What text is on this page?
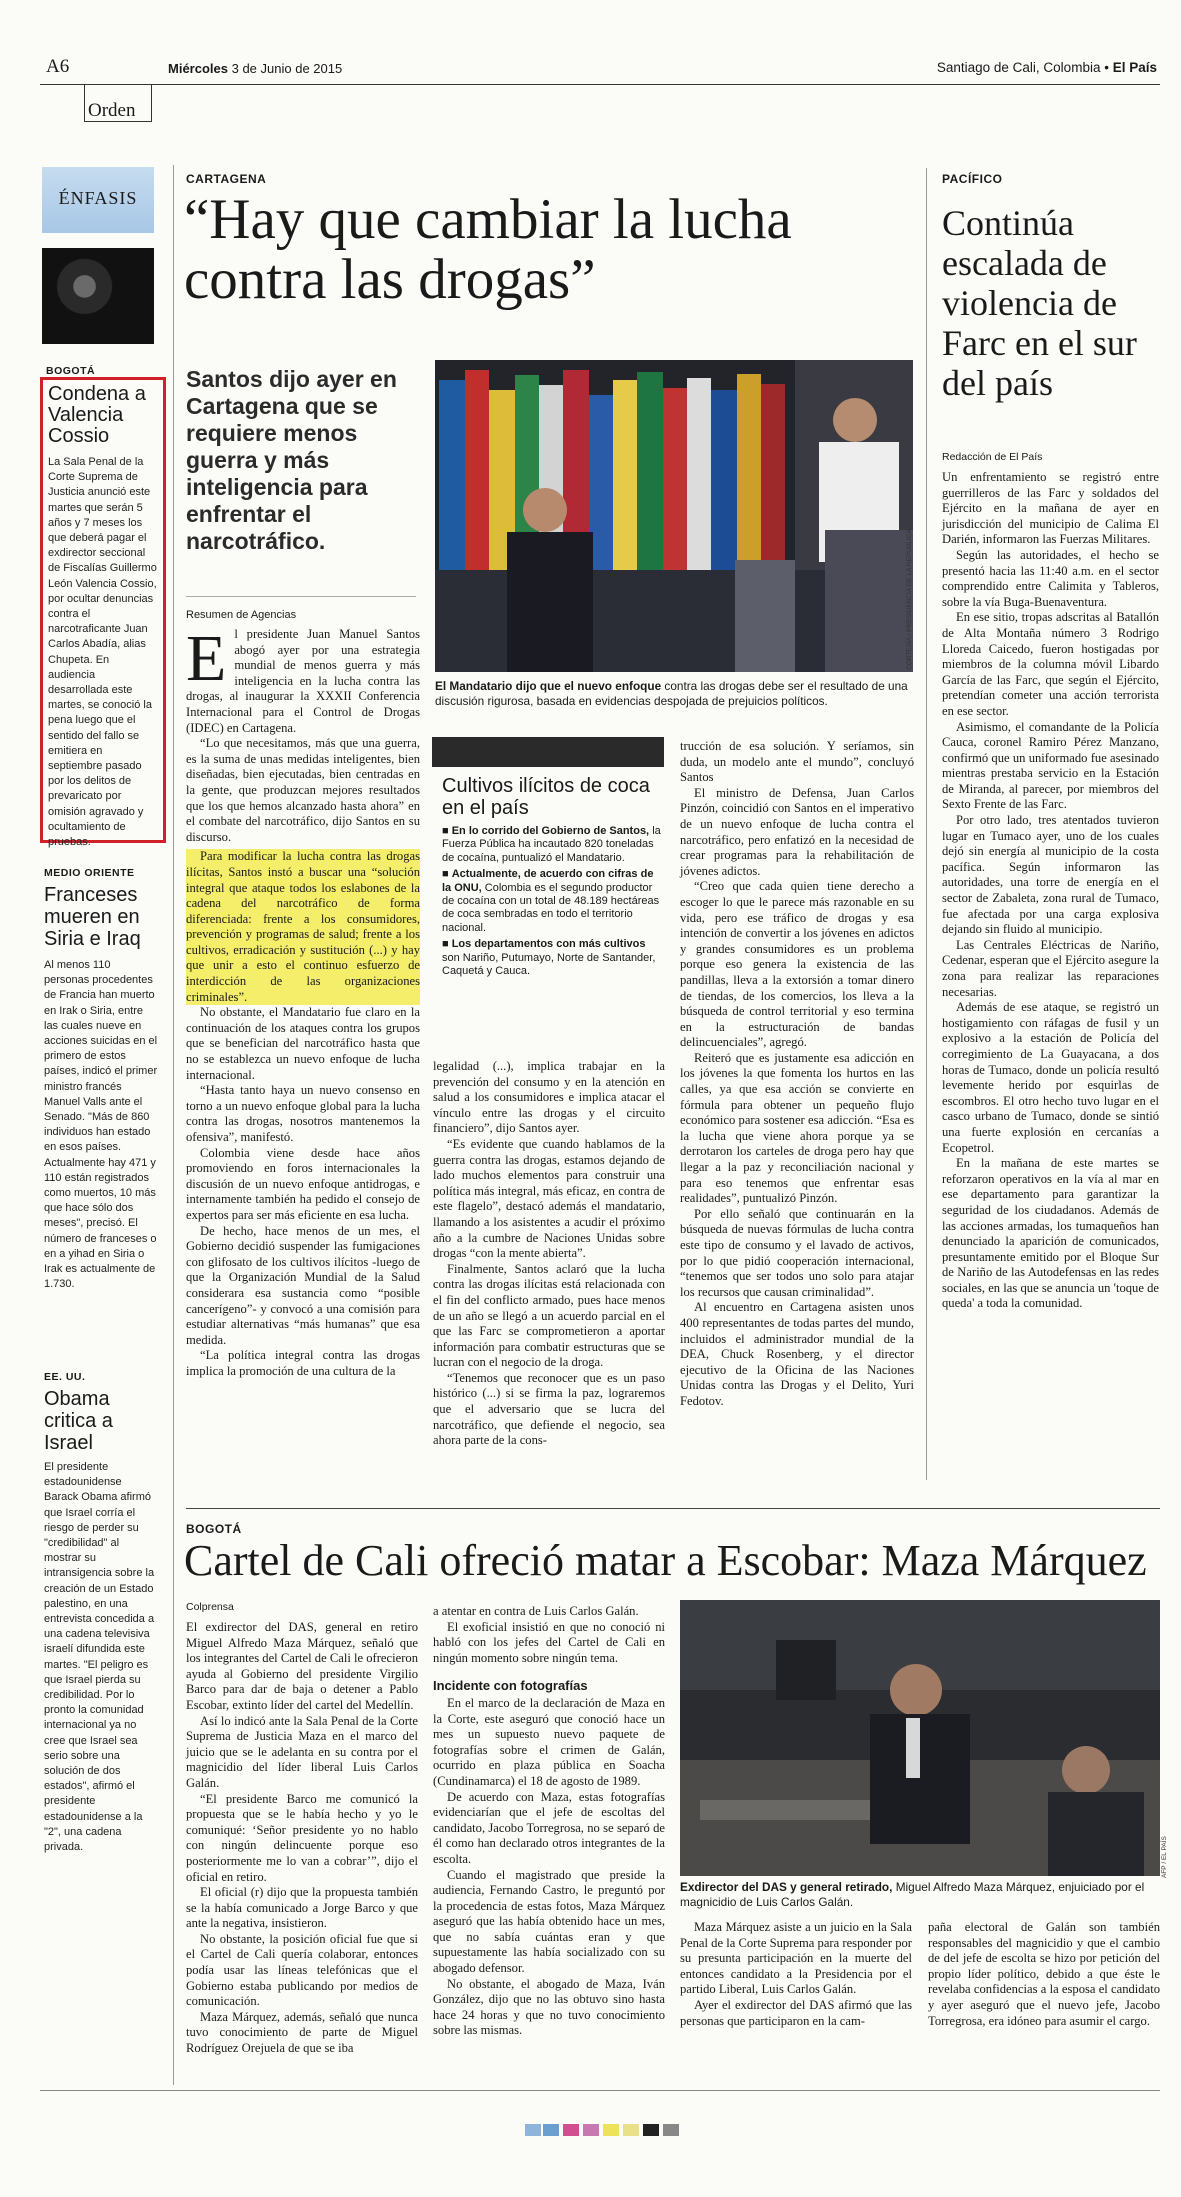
A6	Miércoles 3 de Junio de 2015	Santiago de Cali, Colombia • El País
Orden
ÉNFASIS
BOGOTÁ
Condena a Valencia Cossio
La Sala Penal de la Corte Suprema de Justicia anunció este martes que serán 5 años y 7 meses los que deberá pagar el exdirector seccional de Fiscalías Guillermo León Valencia Cossio, por ocultar denuncias contra el narcotraficante Juan Carlos Abadía, alias Chupeta. En audiencia desarrollada este martes, se conoció la pena luego que el sentido del fallo se emitiera en septiembre pasado por los delitos de prevaricato por omisión agravado y ocultamiento de pruebas.
MEDIO ORIENTE
Franceses mueren en Siria e Iraq
Al menos 110 personas procedentes de Francia han muerto en Irak o Siria, entre las cuales nueve en acciones suicidas en el primero de estos países, indicó el primer ministro francés Manuel Valls ante el Senado. "Más de 860 individuos han estado en esos países. Actualmente hay 471 y 110 están registrados como muertos, 10 más que hace sólo dos meses", precisó. El número de franceses o en a yihad en Siria o Irak es actualmente de 1.730.
EE. UU.
Obama critica a Israel
El presidente estadounidense Barack Obama afirmó que Israel corría el riesgo de perder su "credibilidad" al mostrar su intransigencia sobre la creación de un Estado palestino, en una entrevista concedida a una cadena televisiva israelí difundida este martes. "El peligro es que Israel pierda su credibilidad. Por lo pronto la comunidad internacional ya no cree que Israel sea serio sobre una solución de dos estados", afirmó el presidente estadounidense a la "2", una cadena privada.
CARTAGENA
“Hay que cambiar la lucha contra las drogas”
Santos dijo ayer en Cartagena que se requiere menos guerra y más inteligencia para enfrentar el narcotráfico.
Resumen de Agencias	CORTESÍA / PRESIDENCIA DE LA REPÚBLICA
El Mandatario dijo que el nuevo enfoque contra las drogas debe ser el resultado de una discusión rigurosa, basada en evidencias despojada de prejuicios políticos.
E l presidente Juan Manuel Santos abogó ayer por una estrategia mundial de menos guerra y más inteligencia en la lucha contra las drogas, al inaugurar la XXXII Conferencia Internacional para el Control de Drogas (IDEC) en Cartagena.

“Lo que necesitamos, más que una guerra, es la suma de unas medidas inteligentes, bien diseñadas, bien ejecutadas, bien centradas en la gente, que produzcan mejores resultados que los que hemos alcanzado hasta ahora” en el combate del narcotráfico, dijo Santos en su discurso.

Para modificar la lucha contra las drogas ilícitas, Santos instó a buscar una “solución integral que ataque todos los eslabones de la cadena del narcotráfico de forma diferenciada: frente a los consumidores, prevención y programas de salud; frente a los cultivos, erradicación y sustitución (...) y hay que unir a esto el continuo esfuerzo de interdicción de las organizaciones criminales”.

No obstante, el Mandatario fue claro en la continuación de los ataques contra los grupos que se benefician del narcotráfico hasta que no se establezca un nuevo enfoque de lucha internacional.

“Hasta tanto haya un nuevo consenso en torno a un nuevo enfoque global para la lucha contra las drogas, nosotros mantenemos la ofensiva”, manifestó.

Colombia viene desde hace años promoviendo en foros internacionales la discusión de un nuevo enfoque antidrogas, e internamente también ha pedido el consejo de expertos para ser más eficiente en esa lucha.

De hecho, hace menos de un mes, el Gobierno decidió suspender las fumigaciones con glifosato de los cultivos ilícitos -luego de que la Organización Mundial de la Salud considerara esa sustancia como “posible cancerígeno”- y convocó a una comisión para estudiar alternativas “más humanas” que esa medida.

“La política integral contra las drogas implica la promoción de una cultura de la

Cultivos ilícitos de coca en el país
■ En lo corrido del Gobierno de Santos, la Fuerza Pública ha incautado 820 toneladas de cocaína, puntualizó el Mandatario.
■ Actualmente, de acuerdo con cifras de la ONU, Colombia es el segundo productor de cocaína con un total de 48.189 hectáreas de coca sembradas en todo el territorio nacional.
■ Los departamentos con más cultivos son Nariño, Putumayo, Norte de Santander, Caquetá y Cauca.

legalidad (...), implica trabajar en la prevención del consumo y en la atención en salud a los consumidores e implica atacar el vínculo entre las drogas y el circuito financiero”, dijo Santos ayer.

“Es evidente que cuando hablamos de la guerra contra las drogas, estamos dejando de lado muchos elementos para construir una política más integral, más eficaz, en contra de este flagelo”, destacó además el mandatario, llamando a los asistentes a acudir el próximo año a la cumbre de Naciones Unidas sobre drogas “con la mente abierta”.

Finalmente, Santos aclaró que la lucha contra las drogas ilícitas está relacionada con el fin del conflicto armado, pues hace menos de un año se llegó a un acuerdo parcial en el que las Farc se comprometieron a aportar información para combatir estructuras que se lucran con el negocio de la droga.

“Tenemos que reconocer que es un paso histórico (...) si se firma la paz, lograremos que el adversario que se lucra del narcotráfico, que defiende el negocio, sea ahora parte de la cons-

trucción de esa solución. Y seríamos, sin duda, un modelo ante el mundo”, concluyó Santos

El ministro de Defensa, Juan Carlos Pinzón, coincidió con Santos en el imperativo de un nuevo enfoque de lucha contra el narcotráfico, pero enfatizó en la necesidad de crear programas para la rehabilitación de jóvenes adictos.

“Creo que cada quien tiene derecho a escoger lo que le parece más razonable en su vida, pero ese tráfico de drogas y esa intención de convertir a los jóvenes en adictos y grandes consumidores es un problema porque eso genera la existencia de las pandillas, lleva a la extorsión a tomar dinero de tiendas, de los comercios, los lleva a la búsqueda de control territorial y eso termina en la estructuración de bandas delincuenciales”, agregó.

Reiteró que es justamente esa adicción en los jóvenes la que fomenta los hurtos en las calles, ya que esa acción se convierte en fórmula para obtener un pequeño flujo económico para sostener esa adicción. “Esa es la lucha que viene ahora porque ya se derrotaron los carteles de droga pero hay que llegar a la paz y reconciliación nacional y para eso tenemos que enfrentar esas realidades”, puntualizó Pinzón.

Por ello señaló que continuarán en la búsqueda de nuevas fórmulas de lucha contra este tipo de consumo y el lavado de activos, por lo que pidió cooperación internacional, “tenemos que ser todos uno solo para atajar los recursos que causan criminalidad”.

Al encuentro en Cartagena asisten unos 400 representantes de todas partes del mundo, incluidos el administrador mundial de la DEA, Chuck Rosenberg, y el director ejecutivo de la Oficina de las Naciones Unidas contra las Drogas y el Delito, Yuri Fedotov.

PACÍFICO
Continúa escalada de violencia de Farc en el sur del país
Redacción de El País

Un enfrentamiento se registró entre guerrilleros de las Farc y soldados del Ejército en la mañana de ayer en jurisdicción del municipio de Calima El Darién, informaron las Fuerzas Militares.

Según las autoridades, el hecho se presentó hacia las 11:40 a.m. en el sector comprendido entre Calimita y Tableros, sobre la vía Buga-Buenaventura.

En ese sitio, tropas adscritas al Batallón de Alta Montaña número 3 Rodrigo Lloreda Caicedo, fueron hostigadas por miembros de la columna móvil Libardo García de las Farc, que según el Ejército, pretendían cometer una acción terrorista en ese sector.

Asimismo, el comandante de la Policía Cauca, coronel Ramiro Pérez Manzano, confirmó que un uniformado fue asesinado mientras prestaba servicio en la Estación de Miranda, al parecer, por miembros del Sexto Frente de las Farc.

Por otro lado, tres atentados tuvieron lugar en Tumaco ayer, uno de los cuales dejó sin energía al municipio de la costa pacífica. Según informaron las autoridades, una torre de energía en el sector de Zabaleta, zona rural de Tumaco, fue afectada por una carga explosiva dejando sin fluido al municipio.

Las Centrales Eléctricas de Nariño, Cedenar, esperan que el Ejército asegure la zona para realizar las reparaciones necesarias.

Además de ese ataque, se registró un hostigamiento con ráfagas de fusil y un explosivo a la estación de Policía del corregimiento de La Guayacana, a dos horas de Tumaco, donde un policía resultó levemente herido por esquirlas de escombros. El otro hecho tuvo lugar en el casco urbano de Tumaco, donde se sintió una fuerte explosión en cercanías a Ecopetrol.

En la mañana de este martes se reforzaron operativos en la vía al mar en ese departamento para garantizar la seguridad de los ciudadanos. Además de las acciones armadas, los tumaqueños han denunciado la aparición de comunicados, presuntamente emitido por el Bloque Sur de Nariño de las Autodefensas en las redes sociales, en las que se anuncia un 'toque de queda' a toda la comunidad.

BOGOTÁ
Cartel de Cali ofreció matar a Escobar: Maza Márquez
Colprensa

El exdirector del DAS, general en retiro Miguel Alfredo Maza Márquez, señaló que los integrantes del Cartel de Cali le ofrecieron ayuda al Gobierno del presidente Virgilio Barco para dar de baja o detener a Pablo Escobar, extinto líder del cartel del Medellín.

Así lo indicó ante la Sala Penal de la Corte Suprema de Justicia Maza en el marco del juicio que se le adelanta en su contra por el magnicidio del líder liberal Luis Carlos Galán.

“El presidente Barco me comunicó la propuesta que se le había hecho y yo le comuniqué: ‘Señor presidente yo no hablo con ningún delincuente porque eso posteriormente me lo van a cobrar’”, dijo el oficial en retiro.

El oficial (r) dijo que la propuesta también se la había comunicado a Jorge Barco y que ante la negativa, insistieron.

No obstante, la posición oficial fue que si el Cartel de Cali quería colaborar, entonces podía usar las líneas telefónicas que el Gobierno estaba publicando por medios de comunicación.

Maza Márquez, además, señaló que nunca tuvo conocimiento de parte de Miguel Rodríguez Orejuela de que se iba

a atentar en contra de Luis Carlos Galán.

El exoficial insistió en que no conoció ni habló con los jefes del Cartel de Cali en ningún momento sobre ningún tema.

Incidente con fotografías

En el marco de la declaración de Maza en la Corte, este aseguró que conoció hace un mes un supuesto nuevo paquete de fotografías sobre el crimen de Galán, ocurrido en plaza pública en Soacha (Cundinamarca) el 18 de agosto de 1989.

De acuerdo con Maza, estas fotografías evidenciarían que el jefe de escoltas del candidato, Jacobo Torregrosa, no se separó de él como han declarado otros integrantes de la escolta.

Cuando el magistrado que preside la audiencia, Fernando Castro, le preguntó por la procedencia de estas fotos, Maza Márquez aseguró que las había obtenido hace un mes, que no sabía cuántas eran y que supuestamente las había socializado con su abogado defensor.

No obstante, el abogado de Maza, Iván González, dijo que no las obtuvo sino hasta hace 24 horas y que no tuvo conocimiento sobre las mismas.

AFP / EL PAÍS
Exdirector del DAS y general retirado, Miguel Alfredo Maza Márquez, enjuiciado por el magnicidio de Luis Carlos Galán.

Maza Márquez asiste a un juicio en la Sala Penal de la Corte Suprema para responder por su presunta participación en la muerte del entonces candidato a la Presidencia por el partido Liberal, Luis Carlos Galán.

Ayer el exdirector del DAS afirmó que las personas que participaron en la cam-

paña electoral de Galán son también responsables del magnicidio y que el cambio de del jefe de escolta se hizo por petición del propio líder político, debido a que éste le revelaba confidencias a la esposa el candidato y ayer aseguró que el nuevo jefe, Jacobo Torregrosa, era idóneo para asumir el cargo.
